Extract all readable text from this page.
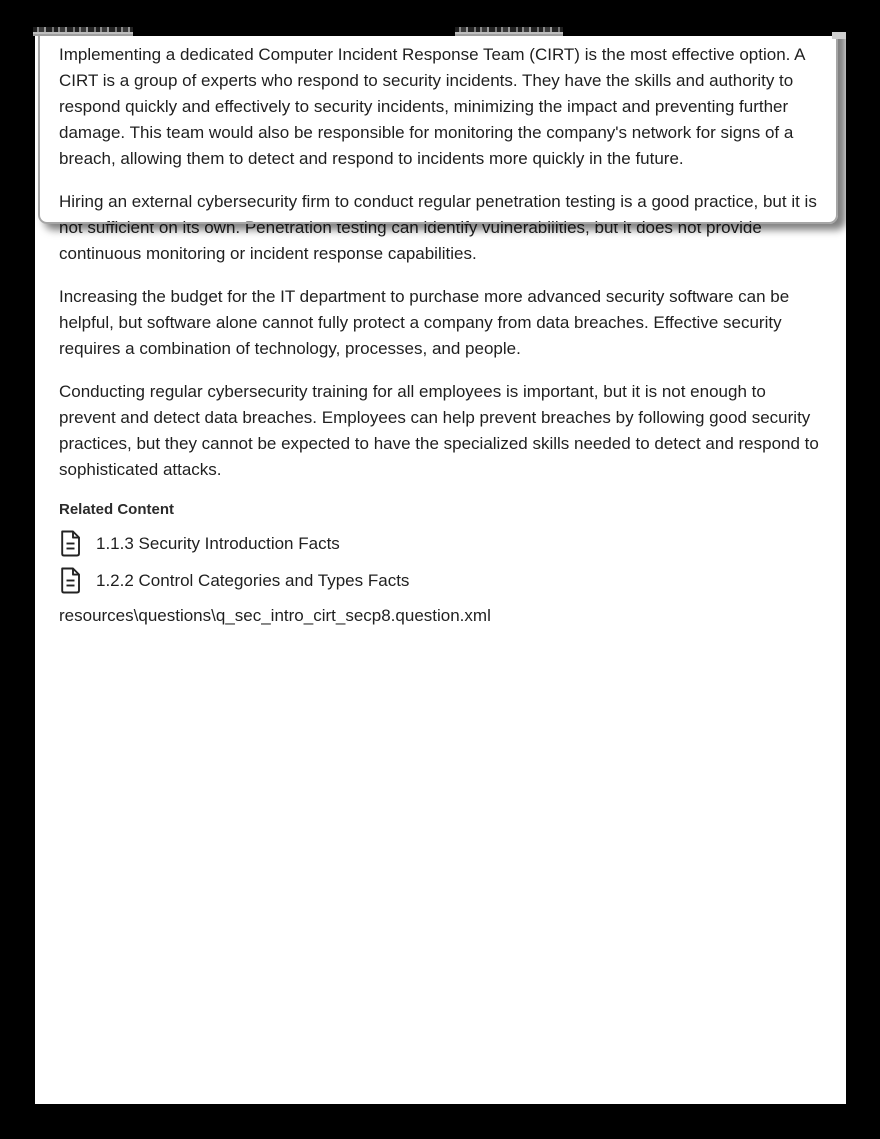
Implementing a dedicated Computer Incident Response Team (CIRT) is the most effective option. A CIRT is a group of experts who respond to security incidents. They have the skills and authority to respond quickly and effectively to security incidents, minimizing the impact and preventing further damage. This team would also be responsible for monitoring the company's network for signs of a breach, allowing them to detect and respond to incidents more quickly in the future.

Hiring an external cybersecurity firm to conduct regular penetration testing is a good practice, but it is not sufficient on its own. Penetration testing can identify vulnerabilities, but it does not provide continuous monitoring or incident response capabilities.

Increasing the budget for the IT department to purchase more advanced security software can be helpful, but software alone cannot fully protect a company from data breaches. Effective security requires a combination of technology, processes, and people.

Conducting regular cybersecurity training for all employees is important, but it is not enough to prevent and detect data breaches. Employees can help prevent breaches by following good security practices, but they cannot be expected to have the specialized skills needed to detect and respond to sophisticated attacks.

Related Content
1.1.3 Security Introduction Facts
1.2.2 Control Categories and Types Facts
resources\questions\q_sec_intro_cirt_secp8.question.xml
